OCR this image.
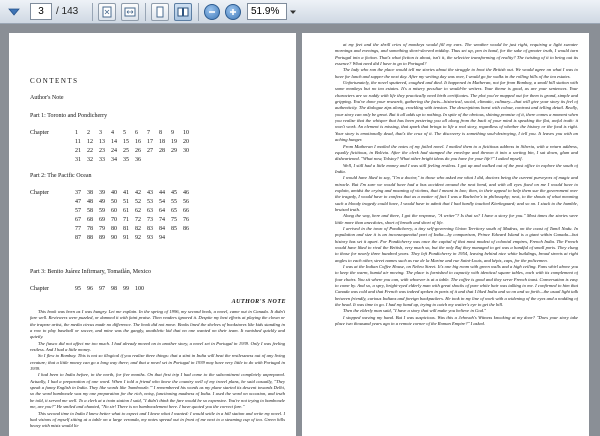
3	/ 143	51.9%
CONTENTS
Author's Note
Part 1: Toronto and Pondicherry
Chapter	1 2 3 4 5 6 7 8 9 10
11 12 13 14 15 16 17 18 19 20
21 22 23 24 25 26 27 28 29 30
31 32 33 34 35 36
Part 2: The Pacific Ocean
Chapter	37 38 39 40 41 42 43 44 45 46
47 48 49 50 51 52 53 54 55 56
57 58 59 60 61 62 63 64 65 66
67 68 69 70 71 72 73 74 75 76
77 78 79 80 81 82 83 84 85 86
87 88 89 90 91 92 93 94
Part 3: Benito Juárez Infirmary, Tomatlán, Mexico
Chapter	95 96 97 98 99 100
AUTHOR'S NOTE

This book was born as I was hungry. Let me explain. In the spring of 1996, my second book, a novel, came out in Canada. It didn't fare well. Reviewers were puzzled, or damned it with faint praise. Then readers ignored it. Despite my best efforts at playing the clown or the trapeze artist, the media circus made no difference. The book did not move. Books lined the shelves of bookstores like kids standing in a row to play baseball or soccer, and mine was the gangly, unathletic kid that no one wanted on their team. It vanished quickly and quietly.

The fiasco did not affect me too much. I had already moved on to another story, a novel set in Portugal in 1939. Only I was feeling restless. And I had a little money.

So I flew to Bombay. This is not so illogical if you realize three things: that a stint in India will beat the restlessness out of any living creature; that a little money can go a long way there; and that a novel set in Portugal in 1939 may have very little to do with Portugal in 1939.

I had been to India before, in the north, for five months. On that first trip I had come to the subcontinent completely unprepared. Actually, I had a preparation of one word. When I told a friend who knew the country well of my travel plans, he said casually, "They speak a funny English in India. They like words like 'bamboozle.'" I remembered his words as my plane started its descent towards Delhi, so the word bamboozle was my one preparation for the rich, noisy, functioning madness of India. I used the word on occasion, and truth be told, it served me well. To a clerk at a train station I said, "I didn't think the fare would be so expensive. You're not trying to bamboozle me, are you?" He smiled and chanted, "No sir! There is no bamboozlement here. I have quoted you the correct fare."

This second time to India I knew better what to expect and I knew what I wanted: I would settle in a hill station and write my novel. I had visions of myself sitting at a table on a large veranda, my notes spread out in front of me next to a steaming cup of tea. Green hills heavy with mists would lie

at my feet and the shrill cries of monkeys would fill my ears. The weather would be just right, requiring a light sweater mornings and evenings, and something short-sleeved midday. Thus set up, pen in hand, for the sake of greater truth, I would turn Portugal into a fiction. That's what fiction is about, isn't it, the selective transforming of reality? The twisting of it to bring out its essence? What need did I have to go to Portugal?

The lady who ran the place would tell me stories about the struggle to boot the British out. We would agree on what I was to have for lunch and supper the next day. After my writing day was over, I would go for walks in the rolling hills of the tea estates.

Unfortunately, the novel sputtered, coughed and died. It happened in Matheran, not far from Bombay, a small hill station with some monkeys but no tea estates. It's a misery peculiar to would-be writers. Your theme is good, as are your sentences. Your characters are so ruddy with life they practically need birth certificates. The plot you've mapped out for them is grand, simple and gripping. You've done your research, gathering the facts—historical, social, climatic, culinary—that will give your story its feel of authenticity. The dialogue zips along, crackling with tension. The descriptions burst with colour, contrast and telling detail. Really, your story can only be great. But it all adds up to nothing. In spite of the obvious, shining promise of it, there comes a moment when you realize that the whisper that has been pestering you all along from the back of your mind is speaking the flat, awful truth: it won't work. An element is missing, that spark that brings to life a real story, regardless of whether the history or the food is right. Your story is emotionally dead, that's the crux of it. The discovery is something soul-destroying, I tell you. It leaves you with an aching hunger.

From Matheran I mailed the notes of my failed novel. I mailed them to a fictitious address in Siberia, with a return address, equally fictitious, in Bolivia. After the clerk had stamped the envelope and thrown it into a sorting bin, I sat down, glum and disheartened. "What now, Tolstoy? What other bright ideas do you have for your life?" I asked myself.

Well, I still had a little money and I was still feeling restless. I got up and walked out of the post office to explore the south of India.

I would have liked to say, "I'm a doctor," to those who asked me what I did, doctors being the current purveyors of magic and miracle. But I'm sure we would have had a bus accident around the next bend, and with all eyes fixed on me I would have to explain, amidst the crying and moaning of victims, that I meant in law; then, to their appeal to help them sue the government over the tragedy, I would have to confess that as a matter of fact I was a Bachelor's in philosophy; next, to the shouts of what meaning such a bloody tragedy could have, I would have to admit that I had hardly touched Kierkegaard; and so on. I stuck to the humble, bruised truth.

Along the way, here and there, I got the response, "A writer"? Is that so? I have a story for you." Most times the stories were little more than anecdotes, short of breath and short of life.

I arrived in the town of Pondicherry, a tiny self-governing Union Territory south of Madras, on the coast of Tamil Nadu. In population and size it is an inconsequential part of India—by comparison, Prince Edward Island is a giant within Canada—but history has set it apart. For Pondicherry was once the capital of that most modest of colonial empires, French India. The French would have liked to rival the British, very much so, but the only Raj they managed to get was a handful of small ports. They clung to those for nearly three hundred years. They left Pondicherry in 1954, leaving behind nice white buildings, broad streets at right angles to each other, street names such as rue de la Marine and rue Saint-Louis, and képis, caps, for the policemen.

I was at the Indian Coffee House, on Nehru Street. It's one big room with green walls and a high ceiling. Fans whirl above you to keep the warm, humid air moving. The place is furnished to capacity with identical square tables, each with its complement of four chairs. You sit where you can, with whoever is at a table. The coffee is good and they serve French toast. Conversation is easy to come by. And so, a spry, bright-eyed elderly man with great shocks of pure white hair was talking to me. I confirmed to him that Canada was cold and that French was indeed spoken in parts of it and that I liked India and so on and so forth—the usual light talk between friendly, curious Indians and foreign backpackers. He took in my line of work with a widening of the eyes and a nodding of the head. It was time to go. I had my hand up, trying to catch my waiter's eye to get the bill.

Then the elderly man said, "I have a story that will make you believe in God."

I stopped waving my hand. But I was suspicious. Was this a Jehovah's Witness knocking at my door? "Does your story take place two thousand years ago in a remote corner of the Roman Empire?" I asked.
